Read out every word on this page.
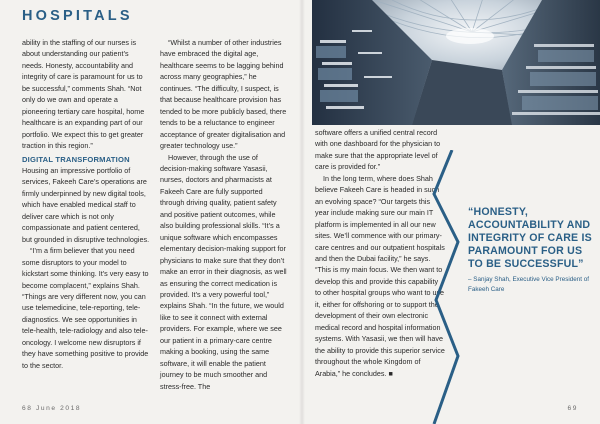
HOSPITALS

ability in the staffing of our nurses is about understanding our patient’s needs. Honesty, accountability and integrity of care is paramount for us to be successful,” comments Shah. “Not only do we own and operate a pioneering tertiary care hospital, home healthcare is an expanding part of our portfolio. We expect this to get greater traction in this region.”

DIGITAL TRANSFORMATION

Housing an impressive portfolio of services, Fakeeh Care’s operations are firmly underpinned by new digital tools, which have enabled medical staff to deliver care which is not only compassionate and patient centered, but grounded in disruptive technologies.

“I’m a firm believer that you need some disruptors to your model to kickstart some thinking. It’s very easy to become complacent,” explains Shah. “Things are very different now, you can use telemedicine, tele-reporting, tele-diagnostics. We see opportunities in tele-health, tele-radiology and also tele-oncology. I welcome new disruptors if they have something positive to provide to the sector.

“Whilst a number of other industries have embraced the digital age, healthcare seems to be lagging behind across many geographies,” he continues. “The difficulty, I suspect, is that because healthcare provision has tended to be more publicly based, there tends to be a reluctance to engineer acceptance of greater digitalisation and greater technology use.”

However, through the use of decision-making software Yasasii, nurses, doctors and pharmacists at Fakeeh Care are fully supported through driving quality, patient safety and positive patient outcomes, while also building professional skills. “It’s a unique software which encompasses elementary decision-making support for physicians to make sure that they don’t make an error in their diagnosis, as well as ensuring the correct medication is provided. It’s a very powerful tool,” explains Shah. “In the future, we would like to see it connect with external providers. For example, where we see our patient in a primary-care centre making a booking, using the same software, it will enable the patient journey to be much smoother and stress-free. The

software offers a unified central record with one dashboard for the physician to make sure that the appropriate level of care is provided for.”

In the long term, where does Shah believe Fakeeh Care is headed in such an evolving space? “Our targets this year include making sure our main IT platform is implemented in all our new sites. We’ll commence with our primary-care centres and our outpatient hospitals and then the Dubai facility,” he says. “This is my main focus. We then want to develop this and provide this capability to other hospital groups who want to use it, either for offshoring or to support the development of their own electronic medical record and hospital information systems. With Yasasii, we then will have the ability to provide this superior service throughout the whole Kingdom of Arabia,” he concludes. ■

“HONESTY, ACCOUNTABILITY AND INTEGRITY OF CARE IS PARAMOUNT FOR US TO BE SUCCESSFUL”
– Sanjay Shah, Executive Vice President of Fakeeh Care
68 June 2018	69
